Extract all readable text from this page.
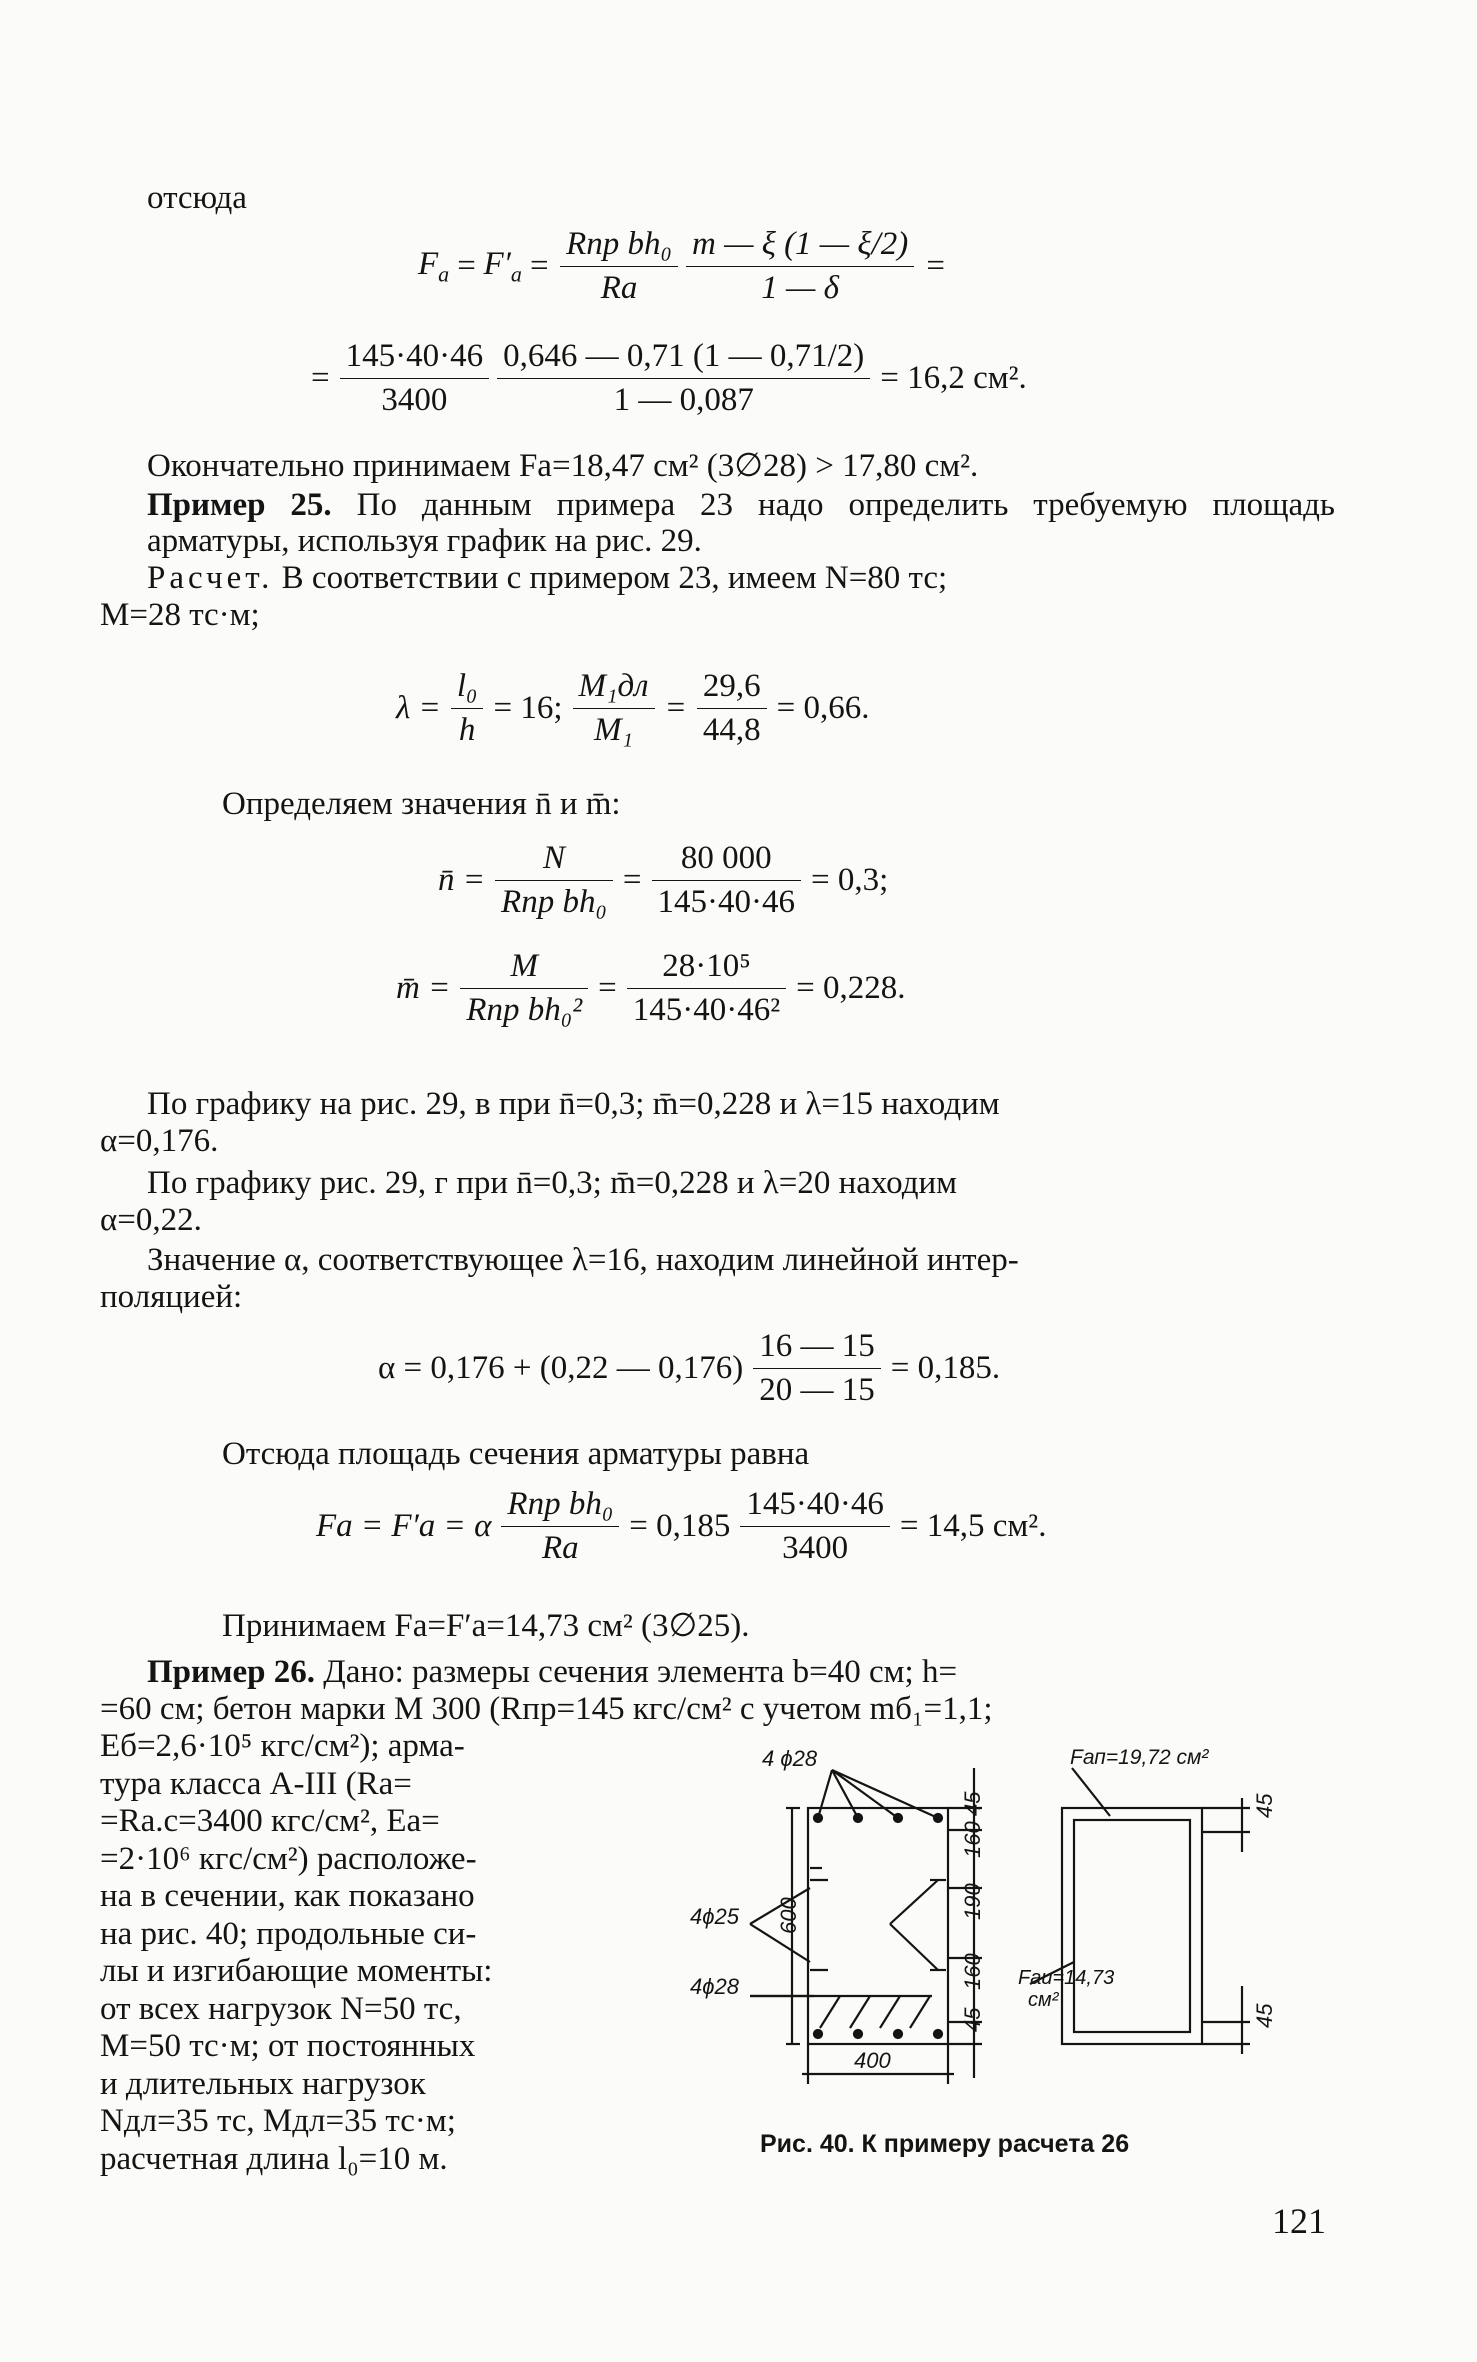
отсюда
$F_а = F'_а = \frac{\text{Rпр bh₀}}{Rа} \frac{m — \xi (1 — \xi/2)}{1 — \delta}$ =
= $\frac{145\cdot 40\cdot 46}{3400} \frac{0,646 — 0,71 (1 — 0,71/2)}{1 — 0,087} = 16,2$ см².
Окончательно принимаем Fа=18,47 см² (3∅28) > 17,80 см².
Пример 25. По данным примера 23 надо определить требуемую площадь арматуры, используя график на рис. 29.
Расчет. В соответствии с примером 23, имеем N=80 тс;
M=28 тс·м;
$\lambda = \frac{\text{l₀}}{h} = 16$; $\frac{\text{M₁дл}}{\text{M₁}} = \frac{29,6}{44,8} = 0,66$.
Определяем значения n̄ и m̄:
n̄ = $\frac{N}{\text{Rпр bh₀}} = \frac{80 000}{145\cdot 40\cdot 46} = 0,3$;
m̄ = $\frac{M}{\text{Rпр bh₀²}} = \frac{\text{28·10⁵}}{\text{145·40·46²}} = 0,228$.
По графику на рис. 29, в при n̄=0,3; m̄=0,228 и λ=15 находим
α=0,176.
По графику рис. 29, г при n̄=0,3; m̄=0,228 и λ=20 находим
α=0,22.
Значение α, соответствующее λ=16, находим линейной интер-
поляцией:
α = 0,176 + (0,22 — $0,176) \frac{16 — 15}{20 — 15} = 0,185$.
Отсюда площадь сечения арматуры равна
Fа = F′а = α $\frac{\text{Rпр bh₀}}{Rа} = 0,185 \frac{145\cdot 40\cdot 46}{3400} = 14,5$ см².
Принимаем Fа=F′а=14,73 см² (3∅25).
Пример 26. Дано: размеры сечения элемента b=40 см; h=
=60 см; бетон марки М 300 (Rпр=145 кгс/см² с учетом mб₁=1,1;
Eб=2,6·10⁵ кгс/см²); арма-
тура класса А-III (Rа=
=Rа.с=3400 кгс/см², Eа=
=2·10⁶ кгс/см²) расположе-
на в сечении, как показано
на рис. 40; продольные си-
лы и изгибающие моменты:
от всех нагрузок N=50 тс,
M=50 тс·м; от постоянных
и длительных нагрузок
Nдл=35 тс, Mдл=35 тс·м;
расчетная длина l₀=10 м.
4 ϕ28
4ϕ25
4ϕ28
600
400
45
160
190
160
45
Fап=19,72 см²
Fаи=14,73
см²
45
45
Рис. 40. К примеру расчета 26
121
